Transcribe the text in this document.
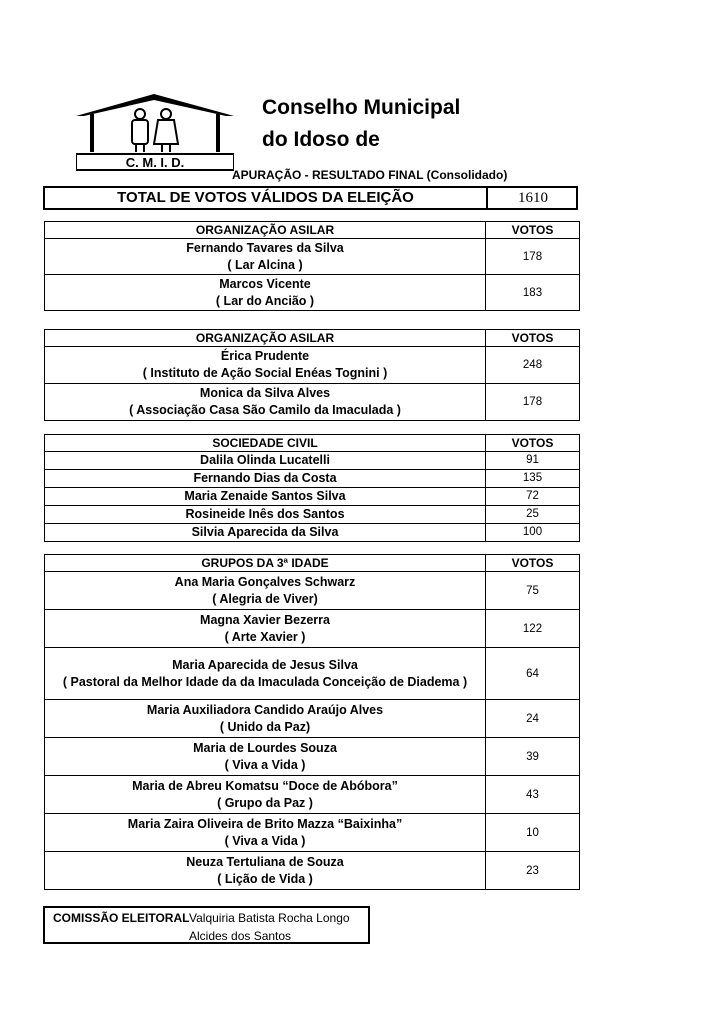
C. M. I. D.
Conselho Municipal
do Idoso de
APURAÇÃO - RESULTADO FINAL (Consolidado)
TOTAL DE VOTOS VÁLIDOS DA ELEIÇÃO	1610
ORGANIZAÇÃO ASILAR	VOTOS

Fernando Tavares da Silva
( Lar Alcina )	178

Marcos Vicente
( Lar do Ancião )	183
ORGANIZAÇÃO ASILAR	VOTOS

Érica Prudente
( Instituto de Ação Social Enéas Tognini )	248

Monica da Silva Alves
( Associação Casa São Camilo da Imaculada )	178
SOCIEDADE CIVIL	VOTOS
Dalila Olinda Lucatelli	91
Fernando Dias da Costa	135
Maria Zenaide Santos Silva	72
Rosineide Inês dos Santos	25
Silvia Aparecida da Silva	100
GRUPOS DA 3ª IDADE	VOTOS

Ana Maria Gonçalves Schwarz
( Alegria de Viver)	75

Magna Xavier Bezerra
( Arte Xavier )	122

Maria Aparecida de Jesus Silva
( Pastoral da Melhor Idade da da Imaculada Conceição de Diadema )	64

Maria Auxiliadora Candido Araújo Alves
( Unido da Paz)	24

Maria de Lourdes Souza
( Viva a Vida )	39

Maria de Abreu Komatsu “Doce de Abóbora”
( Grupo da Paz )	43

Maria Zaira Oliveira de Brito Mazza “Baixinha”
( Viva a Vida )	10

Neuza Tertuliana de Souza
( Lição de Vida )	23
COMISSÃO ELEITORAL Valquiria Batista Rocha Longo
Alcides dos Santos
